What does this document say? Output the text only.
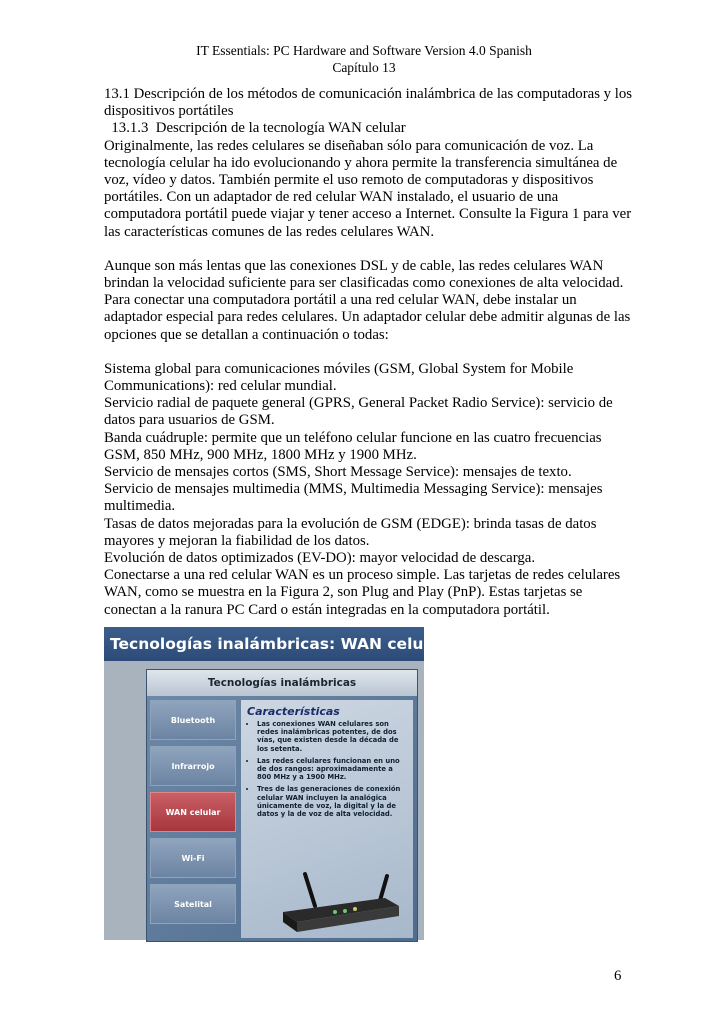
IT Essentials: PC Hardware and Software Version 4.0 Spanish
Capítulo 13

13.1 Descripción de los métodos de comunicación inalámbrica de las computadoras y los dispositivos portátiles

13.1.3  Descripción de la tecnología WAN celular

Originalmente, las redes celulares se diseñaban sólo para comunicación de voz. La tecnología celular ha ido evolucionando y ahora permite la transferencia simultánea de voz, vídeo y datos. También permite el uso remoto de computadoras y dispositivos portátiles. Con un adaptador de red celular WAN instalado, el usuario de una computadora portátil puede viajar y tener acceso a Internet. Consulte la Figura 1 para ver las características comunes de las redes celulares WAN.

Aunque son más lentas que las conexiones DSL y de cable, las redes celulares WAN brindan la velocidad suficiente para ser clasificadas como conexiones de alta velocidad. Para conectar una computadora portátil a una red celular WAN, debe instalar un adaptador especial para redes celulares. Un adaptador celular debe admitir algunas de las opciones que se detallan a continuación o todas:

Sistema global para comunicaciones móviles (GSM, Global System for Mobile Communications): red celular mundial.

Servicio radial de paquete general (GPRS, General Packet Radio Service): servicio de datos para usuarios de GSM.

Banda cuádruple: permite que un teléfono celular funcione en las cuatro frecuencias GSM, 850 MHz, 900 MHz, 1800 MHz y 1900 MHz.

Servicio de mensajes cortos (SMS, Short Message Service): mensajes de texto.

Servicio de mensajes multimedia (MMS, Multimedia Messaging Service): mensajes multimedia.

Tasas de datos mejoradas para la evolución de GSM (EDGE): brinda tasas de datos mayores y mejoran la fiabilidad de los datos.

Evolución de datos optimizados (EV-DO): mayor velocidad de descarga.

Conectarse a una red celular WAN es un proceso simple. Las tarjetas de redes celulares WAN, como se muestra en la Figura 2, son Plug and Play (PnP). Estas tarjetas se conectan a la ranura PC Card o están integradas en la computadora portátil.

Tecnologías inalámbricas: WAN celulares
Tecnologías inalámbricas
Bluetooth
Infrarrojo
WAN celular
Wi-Fi
Satelital
Características
• Las conexiones WAN celulares son redes inalámbricas potentes, de dos vías, que existen desde la década de los setenta.
• Las redes celulares funcionan en uno de dos rangos: aproximadamente a 800 MHz y a 1900 MHz.
• Tres de las generaciones de conexión celular WAN incluyen la analógica únicamente de voz, la digital y la de datos y la de voz de alta velocidad.
6
